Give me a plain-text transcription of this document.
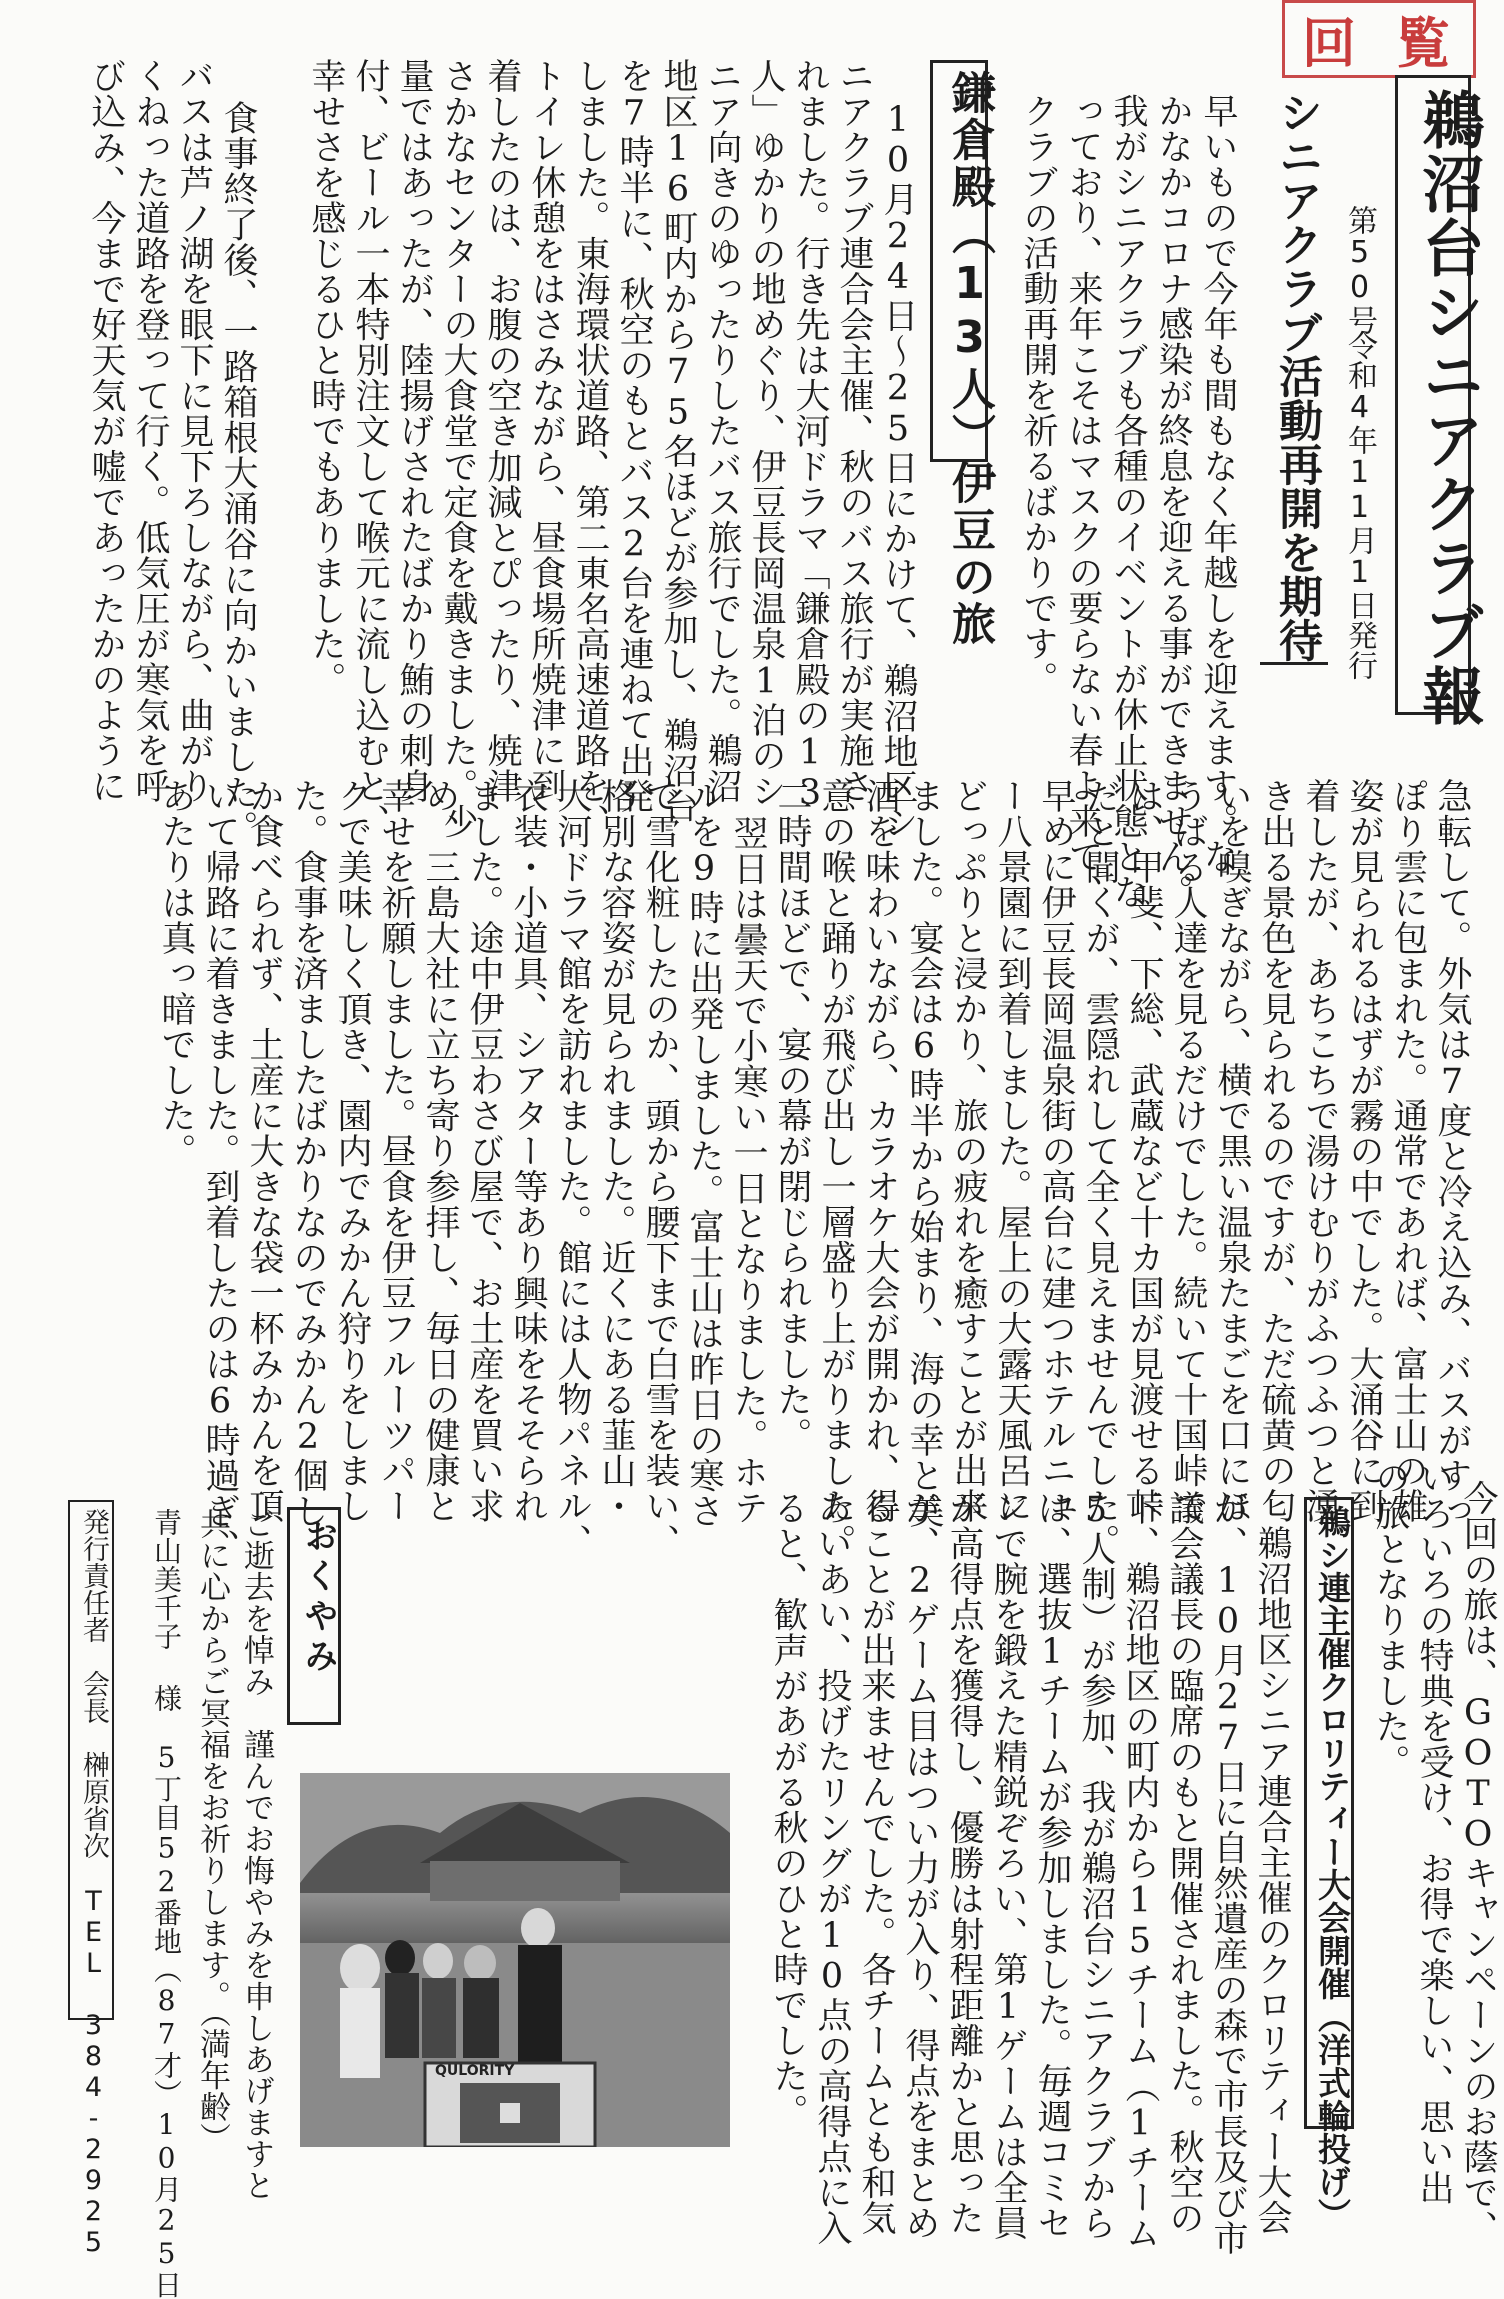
回 覧
鵜沼台シニアクラブ報
第50号
令和4年11月1日発行
シニアクラブ活動再開を期待
早いもので今年も間もなく年越しを迎えます。な
かなかコロナ感染が終息を迎える事ができません。
我がシニアクラブも各種のイベントが休止状態とな
っており、来年こそはマスクの要らない春よ来て、
クラブの活動再開を祈るばかりです。
鎌倉殿（13人）伊豆の旅
10月24日〜25日にかけて、鵜沼地区シ
ニアクラブ連合会主催、秋のバス旅行が実施さ
れました。行き先は大河ドラマ「鎌倉殿の13
人」ゆかりの地めぐり、伊豆長岡温泉1泊のシ
ニア向きのゆったりしたバス旅行でした。鵜沼
地区16町内から75名ほどが参加し、鵜沼台
を7時半に、秋空のもとバス2台を連ねて出発
しました。東海環状道路、第二東名高速道路を、
トイレ休憩をはさみながら、昼食場所焼津に到
着したのは、お腹の空き加減とぴったり、焼津
さかなセンターの大食堂で定食を戴きました。少
量ではあったが、陸揚げされたばかり鮪の刺身
付、ビール一本特別注文して喉元に流し込むと、
幸せさを感じるひと時でもありました。
食事終了後、一路箱根大涌谷に向かいました。
バスは芦ノ湖を眼下に見下ろしながら、曲がり
くねった道路を登って行く。低気圧が寒気を呼
び込み、今まで好天気が嘘であったかのように
急転して。外気は7度と冷え込み、バスがすっ
ぽり雲に包まれた。通常であれば、富士山の雄
姿が見られるはずが霧の中でした。大涌谷に到
着したが、あちこちで湯けむりがふつふつと湧
き出る景色を見られるのですが、ただ硫黄の匂
いを嗅ぎながら、横で黒い温泉たまごを口にほ
うばる人達を見るだけでした。続いて十国峠で
は、甲斐、下総、武蔵など十カ国が見渡せる峠
だと聞くが、雲隠れして全く見えませんでした。
早めに伊豆長岡温泉街の高台に建つホテルニュ
ー八景園に到着しました。屋上の大露天風呂に
どっぷりと浸かり、旅の疲れを癒すことが出来
ました。宴会は6時半から始まり、海の幸と美
酒を味わいながら、カラオケ大会が開かれ、得
意の喉と踊りが飛び出し一層盛り上がりました。
二時間ほどで、宴の幕が閉じられました。
翌日は曇天で小寒い一日となりました。ホテ
ルを9時に出発しました。富士山は昨日の寒さ
で雪化粧したのか、頭から腰下まで白雪を装い、
格別な容姿が見られました。近くにある韮山・
大河ドラマ館を訪れました。館には人物パネル、
衣装・小道具、シアター等あり興味をそそられ
ました。途中伊豆わさび屋で、お土産を買い求
め、三島大社に立ち寄り参拝し、毎日の健康と
幸せを祈願しました。昼食を伊豆フルーツパー
クで美味しく頂き、園内でみかん狩りをしまし
た。食事を済ましたばかりなのでみかん2個し
か食べられず、土産に大きな袋一杯みかんを頂
いて帰路に着きました。到着したのは6時過ぎ、
あたりは真っ暗でした。
今回の旅は、GOTOキャンペーンのお蔭で、
いろいろの特典を受け、お得で楽しい、思い出
の旅となりました。
鵜シ連主催クロリティー大会開催（洋式輪投げ）
鵜沼地区シニア連合主催のクロリティー大会
が、10月27日に自然遺産の森で市長及び市
議会議長の臨席のもと開催されました。秋空の
下、鵜沼地区の町内から15チーム（1チーム
5人制）が参加、我が鵜沼台シニアクラブから
は、選抜1チームが参加しました。毎週コミセ
ンで腕を鍛えた精鋭ぞろい、第1ゲームは全員
が高得点を獲得し、優勝は射程距離かと思った
が、2ゲーム目はつい力が入り、得点をまとめ
ることが出来ませんでした。各チームとも和気
あいあい、投げたリングが10点の高得点に入
ると、歓声があがる秋のひと時でした。
QULORITY
おくやみ
ご逝去を悼み　謹んでお悔やみを申しあげますと
共に心からご冥福をお祈りします。（満年齢）
青山美千子 様　5丁目52番地（87才）10月25日
発行責任者　会長　榊原省次　TEL 384-2925
